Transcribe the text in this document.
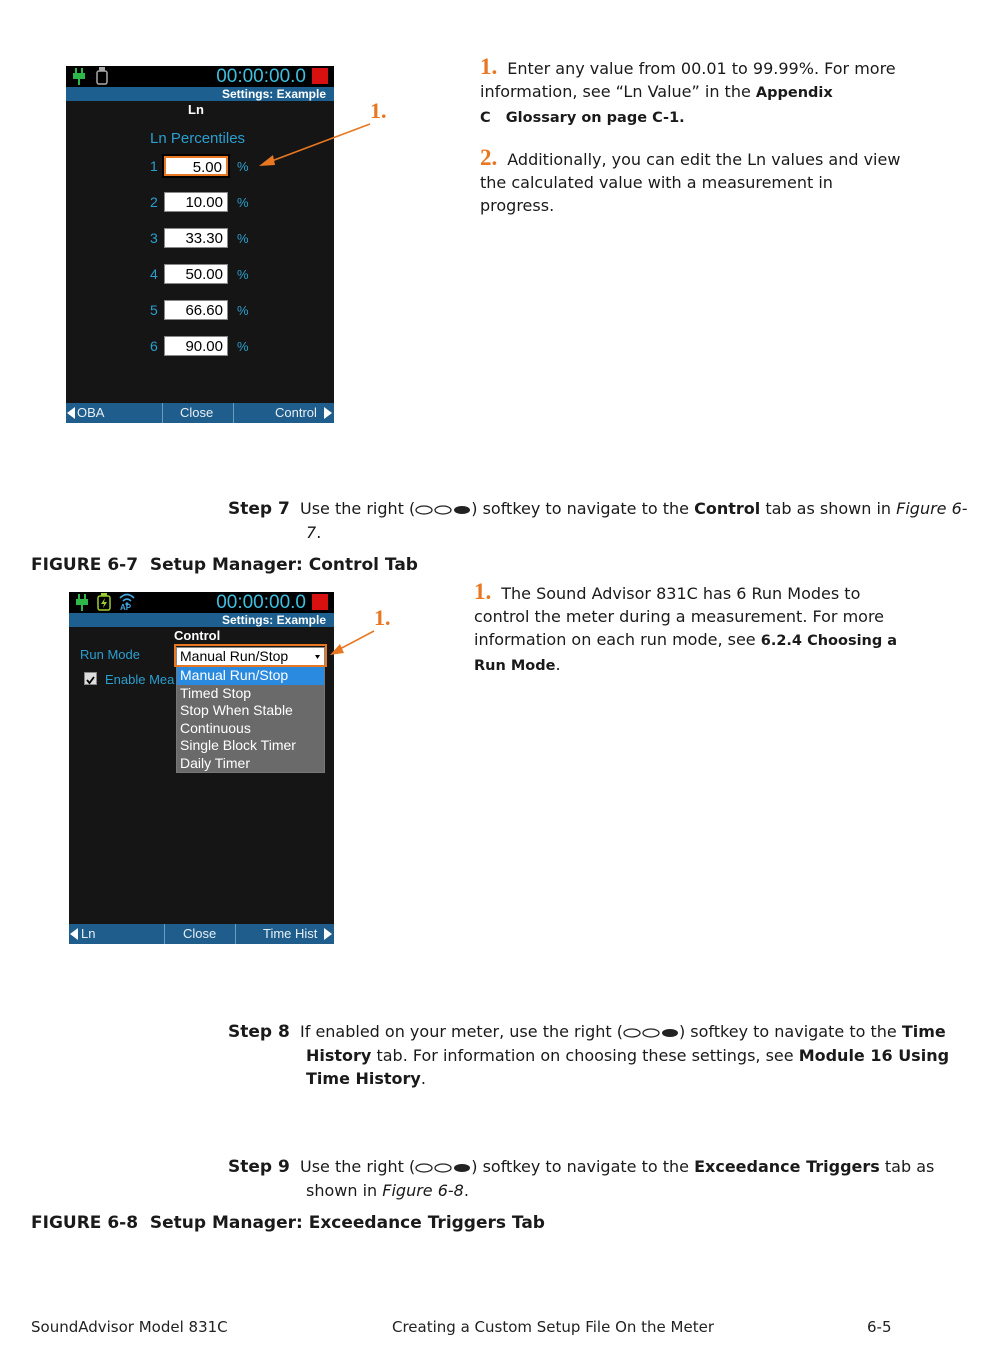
00:00:00.0
Settings: Example
Ln
Ln Percentiles
1	5.00	%
2	10.00	%
3	33.30	%
4	50.00	%
5	66.60	%
6	90.00	%
OBA	Close	Control
1.
1. Enter any value from 00.01 to 99.99%. For more information, see “Ln Value” in the Appendix C   Glossary on page C-1.
2. Additionally, you can edit the Ln values and view the calculated value with a measurement in progress.
Step 7 Use the right (	) softkey to navigate to the Control tab as shown in Figure 6-7.
FIGURE 6-7  Setup Manager: Control Tab
AP	00:00:00.0
Settings: Example
Control
Run Mode
Enable Mea
Manual Run/Stop
Manual Run/Stop
Timed Stop
Stop When Stable
Continuous
Single Block Timer
Daily Timer
Ln	Close	Time Hist
1.
1. The Sound Advisor 831C has 6 Run Modes to control the meter during a measurement. For more information on each run mode, see 6.2.4 Choosing a Run Mode.
Step 8 If enabled on your meter, use the right (	) softkey to navigate to the Time History tab. For information on choosing these settings, see Module 16 Using Time History.
Step 9 Use the right (	) softkey to navigate to the Exceedance Triggers tab as shown in Figure 6-8.
FIGURE 6-8  Setup Manager: Exceedance Triggers Tab
SoundAdvisor Model 831C	Creating a Custom Setup File On the Meter	6-5
